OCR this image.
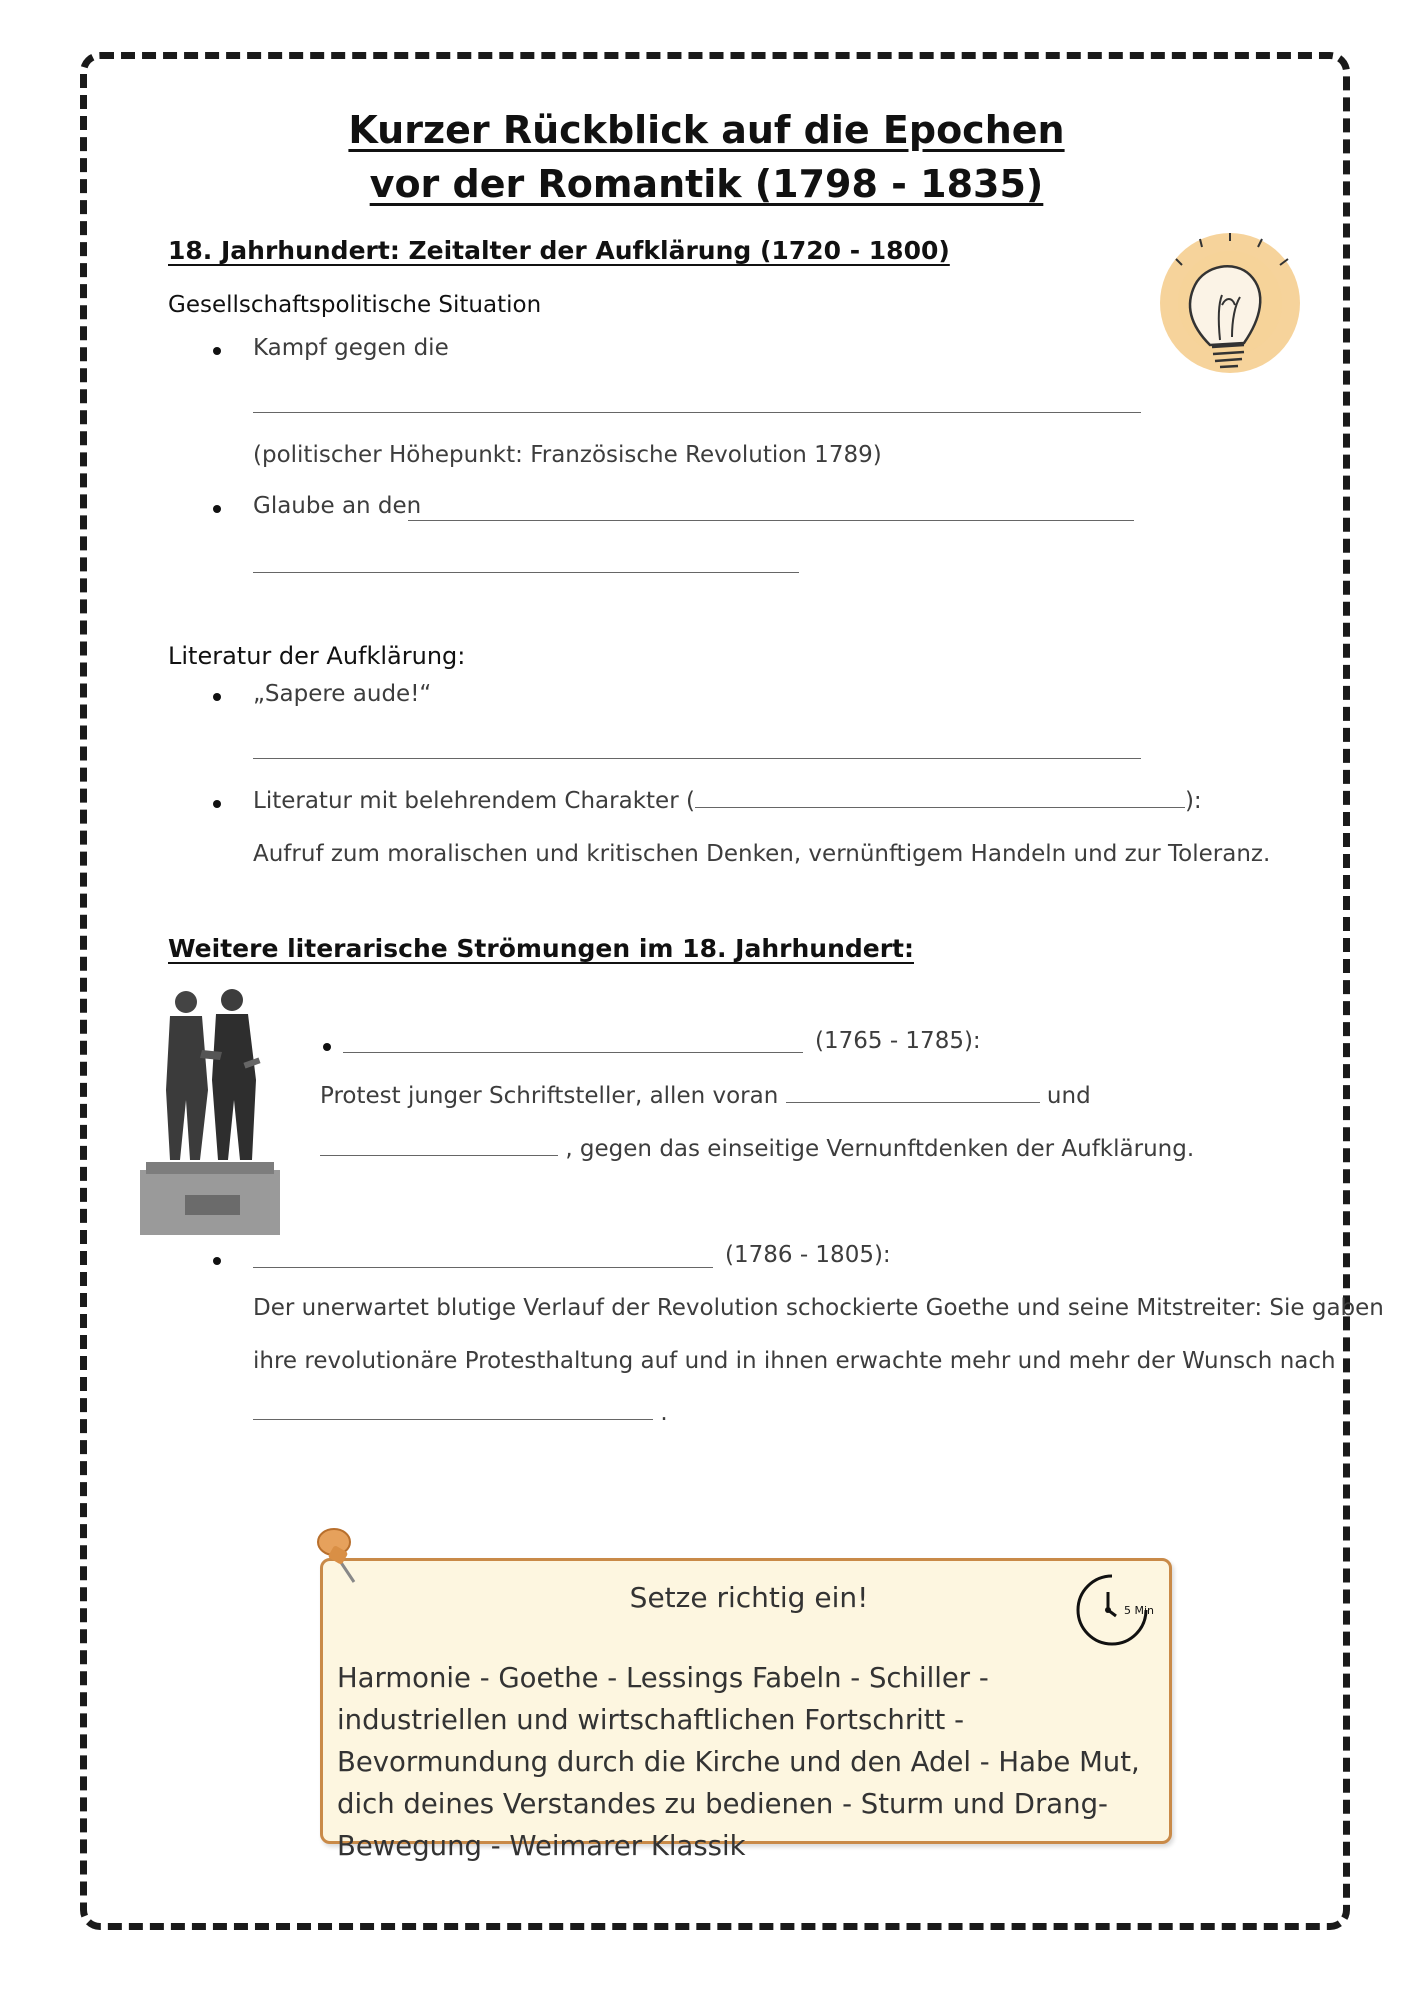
Kurzer Rückblick auf die Epochen
vor der Romantik (1798 - 1835)
18. Jahrhundert: Zeitalter der Aufklärung (1720 - 1800)
Gesellschaftspolitische Situation
Kampf gegen die
(politischer Höhepunkt: Französische Revolution 1789)
Glaube an den
Literatur der Aufklärung:
„Sapere aude!“
Literatur mit belehrendem Charakter (	):
Aufruf zum moralischen und kritischen Denken, vernünftigem Handeln und zur Toleranz.
Weitere literarische Strömungen im 18. Jahrhundert:
(1765 - 1785):
Protest junger Schriftsteller, allen voran	und
, gegen das einseitige Vernunftdenken der Aufklärung.
(1786 - 1805):
Der unerwartet blutige Verlauf der Revolution schockierte Goethe und seine Mitstreiter: Sie gaben
ihre revolutionäre Protesthaltung auf und in ihnen erwachte mehr und mehr der Wunsch nach
.
Setze richtig ein!
Harmonie - Goethe - Lessings Fabeln - Schiller - industriellen und wirtschaftlichen Fortschritt - Bevormundung durch die Kirche und den Adel - Habe Mut, dich deines Verstandes zu bedienen - Sturm und Drang-Bewegung - Weimarer Klassik
5 Min
